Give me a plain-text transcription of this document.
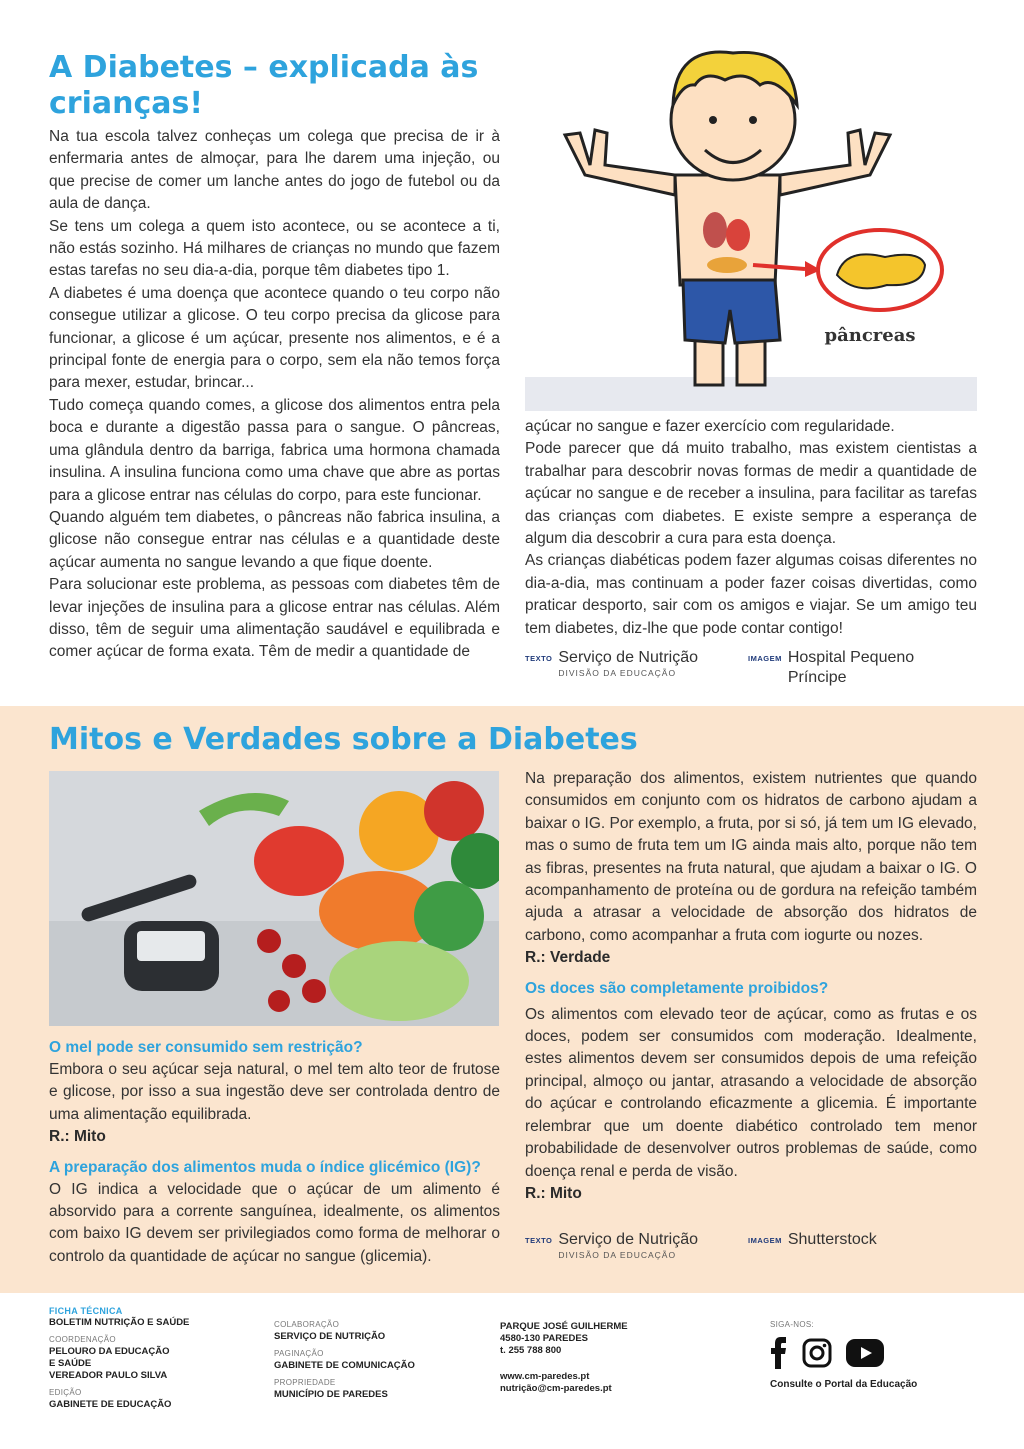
A Diabetes – explicada às crianças!

Na tua escola talvez conheças um colega que precisa de ir à enfermaria antes de almoçar, para lhe darem uma injeção, ou que precise de comer um lanche antes do jogo de futebol ou da aula de dança.

Se tens um colega a quem isto acontece, ou se acontece a ti, não estás sozinho. Há milhares de crianças no mundo que fazem estas tarefas no seu dia-a-dia, porque têm diabetes tipo 1.

A diabetes é uma doença que acontece quando o teu corpo não consegue utilizar a glicose. O teu corpo precisa da glicose para funcionar, a glicose é um açúcar, presente nos alimentos, e é a principal fonte de energia para o corpo, sem ela não temos força para mexer, estudar, brincar...

Tudo começa quando comes, a glicose dos alimentos entra pela boca e durante a digestão passa para o sangue. O pâncreas, uma glândula dentro da barriga, fabrica uma hormona chamada insulina. A insulina funciona como uma chave que abre as portas para a glicose entrar nas células do corpo, para este funcionar.

Quando alguém tem diabetes, o pâncreas não fabrica insulina, a glicose não consegue entrar nas células e a quantidade deste açúcar aumenta no sangue levando a que fique doente.

Para solucionar este problema, as pessoas com diabetes têm de levar injeções de insulina para a glicose entrar nas células. Além disso, têm de seguir uma alimentação saudável e equilibrada e comer açúcar de forma exata. Têm de medir a quantidade de

pâncreas

açúcar no sangue e fazer exercício com regularidade.

Pode parecer que dá muito trabalho, mas existem cientistas a trabalhar para descobrir novas formas de medir a quantidade de açúcar no sangue e de receber a insulina, para facilitar as tarefas das crianças com diabetes. E existe sempre a esperança de algum dia descobrir a cura para esta doença.

As crianças diabéticas podem fazer algumas coisas diferentes no dia-a-dia, mas continuam a poder fazer coisas divertidas, como praticar desporto, sair com os amigos e viajar. Se um amigo teu tem diabetes, diz-lhe que pode contar contigo!

TEXTO Serviço de Nutrição
DIVISÃO DA EDUCAÇÃO
IMAGEM Hospital Pequeno Príncipe
Mitos e Verdades sobre a Diabetes

O mel pode ser consumido sem restrição?

Embora o seu açúcar seja natural, o mel tem alto teor de frutose e glicose, por isso a sua ingestão deve ser controlada dentro de uma alimentação equilibrada.

R.: Mito

A preparação dos alimentos muda o índice glicémico (IG)?

O IG indica a velocidade que o açúcar de um alimento é absorvido para a corrente sanguínea, idealmente, os alimentos com baixo IG devem ser privilegiados como forma de melhorar o controlo da quantidade de açúcar no sangue (glicemia).

Na preparação dos alimentos, existem nutrientes que quando consumidos em conjunto com os hidratos de carbono ajudam a baixar o IG. Por exemplo, a fruta, por si só, já tem um IG elevado, mas o sumo de fruta tem um IG ainda mais alto, porque não tem as fibras, presentes na fruta natural, que ajudam a baixar o IG. O acompanhamento de proteína ou de gordura na refeição também ajuda a atrasar a velocidade de absorção dos hidratos de carbono, como acompanhar a fruta com iogurte ou nozes.

R.: Verdade

Os doces são completamente proibidos?

Os alimentos com elevado teor de açúcar, como as frutas e os doces, podem ser consumidos com moderação. Idealmente, estes alimentos devem ser consumidos depois de uma refeição principal, almoço ou jantar, atrasando a velocidade de absorção do açúcar e controlando eficazmente a glicemia. É importante relembrar que um doente diabético controlado tem menor probabilidade de desenvolver outros problemas de saúde, como doença renal e perda de visão.

R.: Mito

TEXTO Serviço de Nutrição
DIVISÃO DA EDUCAÇÃO
IMAGEM Shutterstock
FICHA TÉCNICA
BOLETIM NUTRIÇÃO E SAÚDE
COORDENAÇÃO
PELOURO DA EDUCAÇÃO
E SAÚDE
VEREADOR PAULO SILVA
EDIÇÃO
GABINETE DE EDUCAÇÃO
COLABORAÇÃO
SERVIÇO DE NUTRIÇÃO
PAGINAÇÃO
GABINETE DE COMUNICAÇÃO
PROPRIEDADE
MUNICÍPIO DE PAREDES
PARQUE JOSÉ GUILHERME
4580-130 PAREDES
t. 255 788 800
www.cm-paredes.pt
nutrição@cm-paredes.pt
SIGA-NOS:
Consulte o Portal da Educação
